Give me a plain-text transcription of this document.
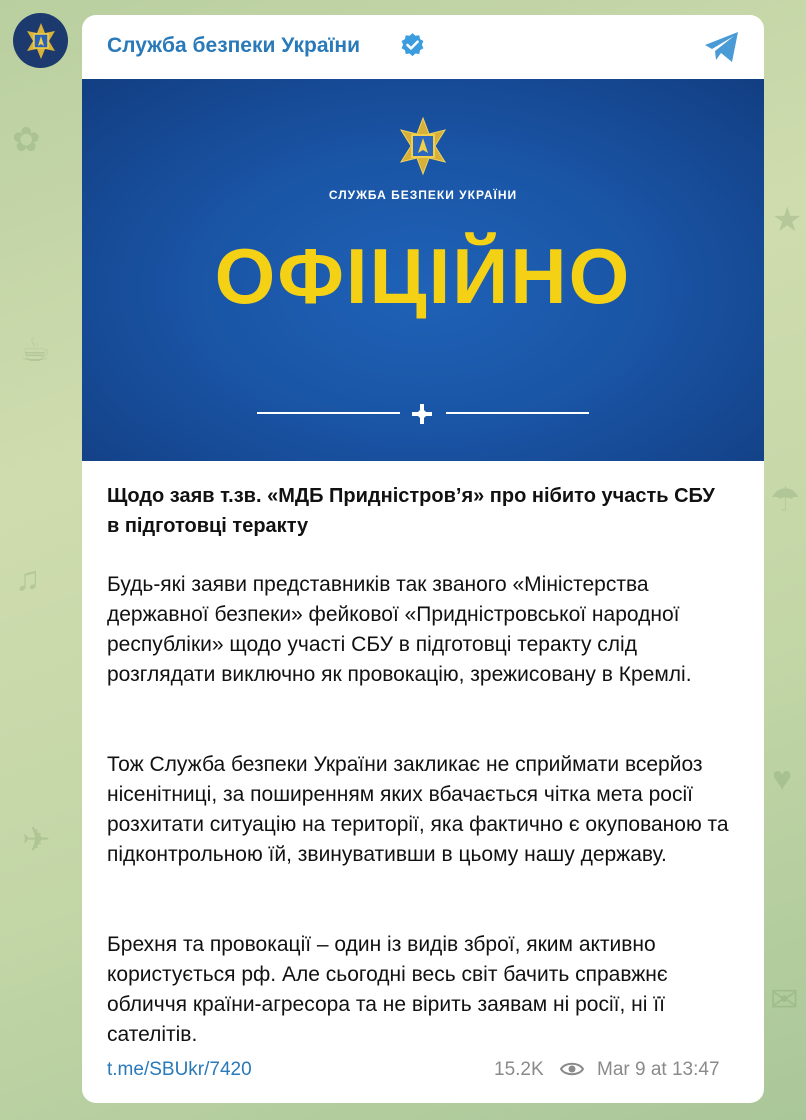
✿
☕
♫
✈
★
☂
♥
✉
Служба безпеки України
СЛУЖБА БЕЗПЕКИ УКРАЇНИ
ОФІЦІЙНО
Щодо заяв т.зв. «МДБ Придністров’я» про нібито участь СБУ в підготовці теракту
Будь-які заяви представників так званого «Міністерства державної безпеки» фейкової «Придністровської народної республіки» щодо участі СБУ в підготовці теракту слід розглядати виключно як провокацію, зрежисовану в Кремлі.
Тож Служба безпеки України закликає не сприймати всерйоз нісенітниці, за поширенням яких вбачається чітка мета росії розхитати ситуацію на території, яка фактично є окупованою та підконтрольною їй, звинувативши в цьому нашу державу.
Брехня та провокації – один із видів зброї, яким активно користується рф. Але сьогодні весь світ бачить справжнє обличчя країни-агресора та не вірить заявам ні росії, ні її сателітів.
t.me/SBUkr/7420	15.2K	Mar 9 at 13:47
